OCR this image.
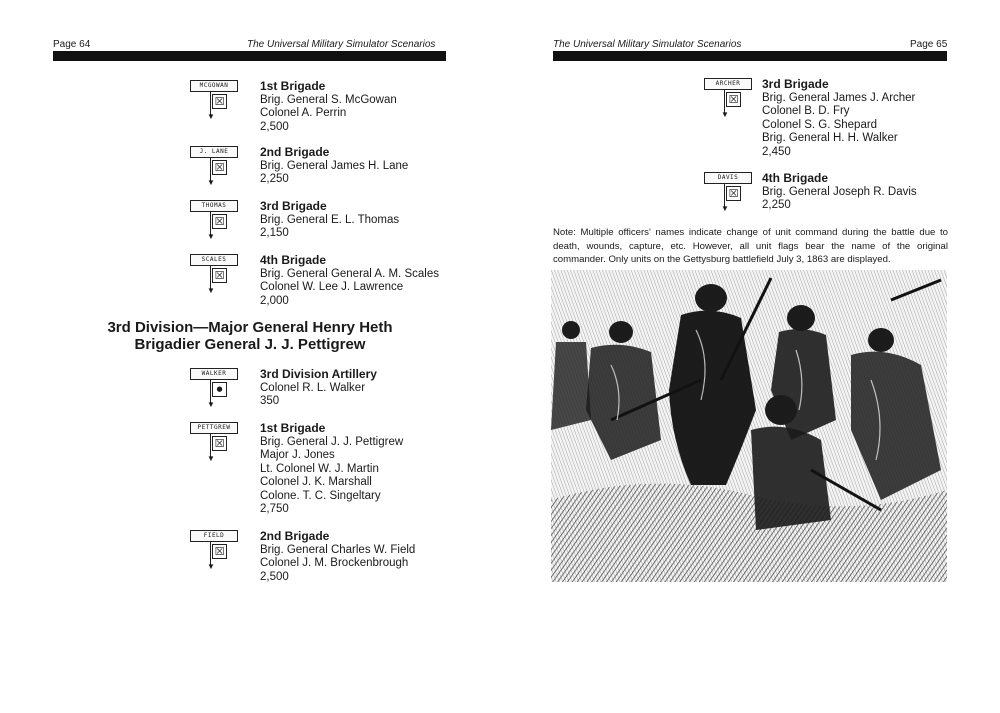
Page 64	The Universal Military Simulator Scenarios
MCGOWAN
▼
☒
1st Brigade
Brig. General S. McGowan
Colonel A. Perrin
2,500
J. LANE
▼
☒
2nd Brigade
Brig. General James H. Lane
2,250
THOMAS
▼
☒
3rd Brigade
Brig. General E. L. Thomas
2,150
SCALES
▼
☒
4th Brigade
Brig. General General A. M. Scales
Colonel W. Lee J. Lawrence
2,000
3rd Division—Major General Henry Heth
Brigadier General J. J. Pettigrew
WALKER
▼
●
3rd Division Artillery
Colonel R. L. Walker
350
PETTGREW
▼
☒
1st Brigade
Brig. General J. J. Pettigrew
Major J. Jones
Lt. Colonel W. J. Martin
Colonel J. K. Marshall
Colone. T. C. Singeltary
2,750
FIELD
▼
☒
2nd Brigade
Brig. General Charles W. Field
Colonel J. M. Brockenbrough
2,500
The Universal Military Simulator Scenarios	Page 65
ARCHER
▼
☒
3rd Brigade
Brig. General James J. Archer
Colonel B. D. Fry
Colonel S. G. Shepard
Brig. General H. H. Walker
2,450
DAVIS
▼
☒
4th Brigade
Brig. General Joseph R. Davis
2,250
Note: Multiple officers' names indicate change of unit command during the battle due to death, wounds, capture, etc. However, all unit flags bear the name of the original commander. Only units on the Gettysburg battlefield July 3, 1863 are displayed.
